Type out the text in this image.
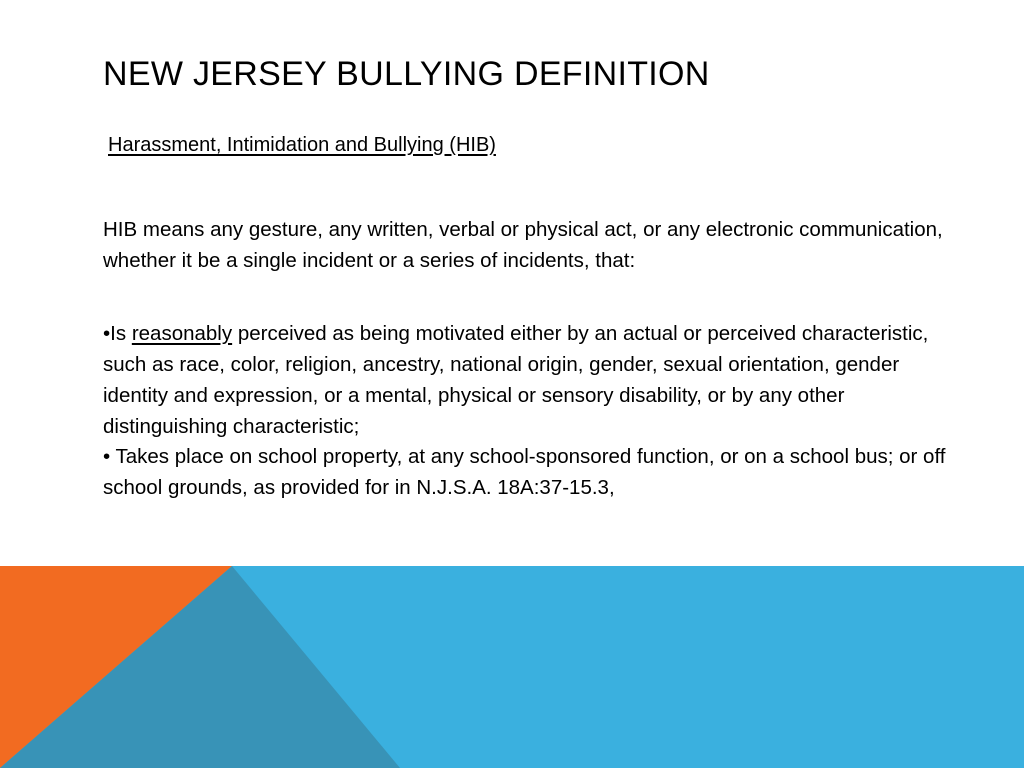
NEW JERSEY BULLYING DEFINITION

Harassment, Intimidation and Bullying (HIB)

HIB means any gesture, any written, verbal or physical act, or any electronic communication, whether it be a single incident or a series of incidents, that:

•Is reasonably perceived as being motivated either by an actual or perceived characteristic, such as race, color, religion, ancestry, national origin, gender, sexual orientation, gender identity and expression, or a mental, physical or sensory disability, or by any other distinguishing characteristic;

• Takes place on school property, at any school-sponsored function, or on a school bus; or off school grounds, as provided for in N.J.S.A. 18A:37-15.3,
